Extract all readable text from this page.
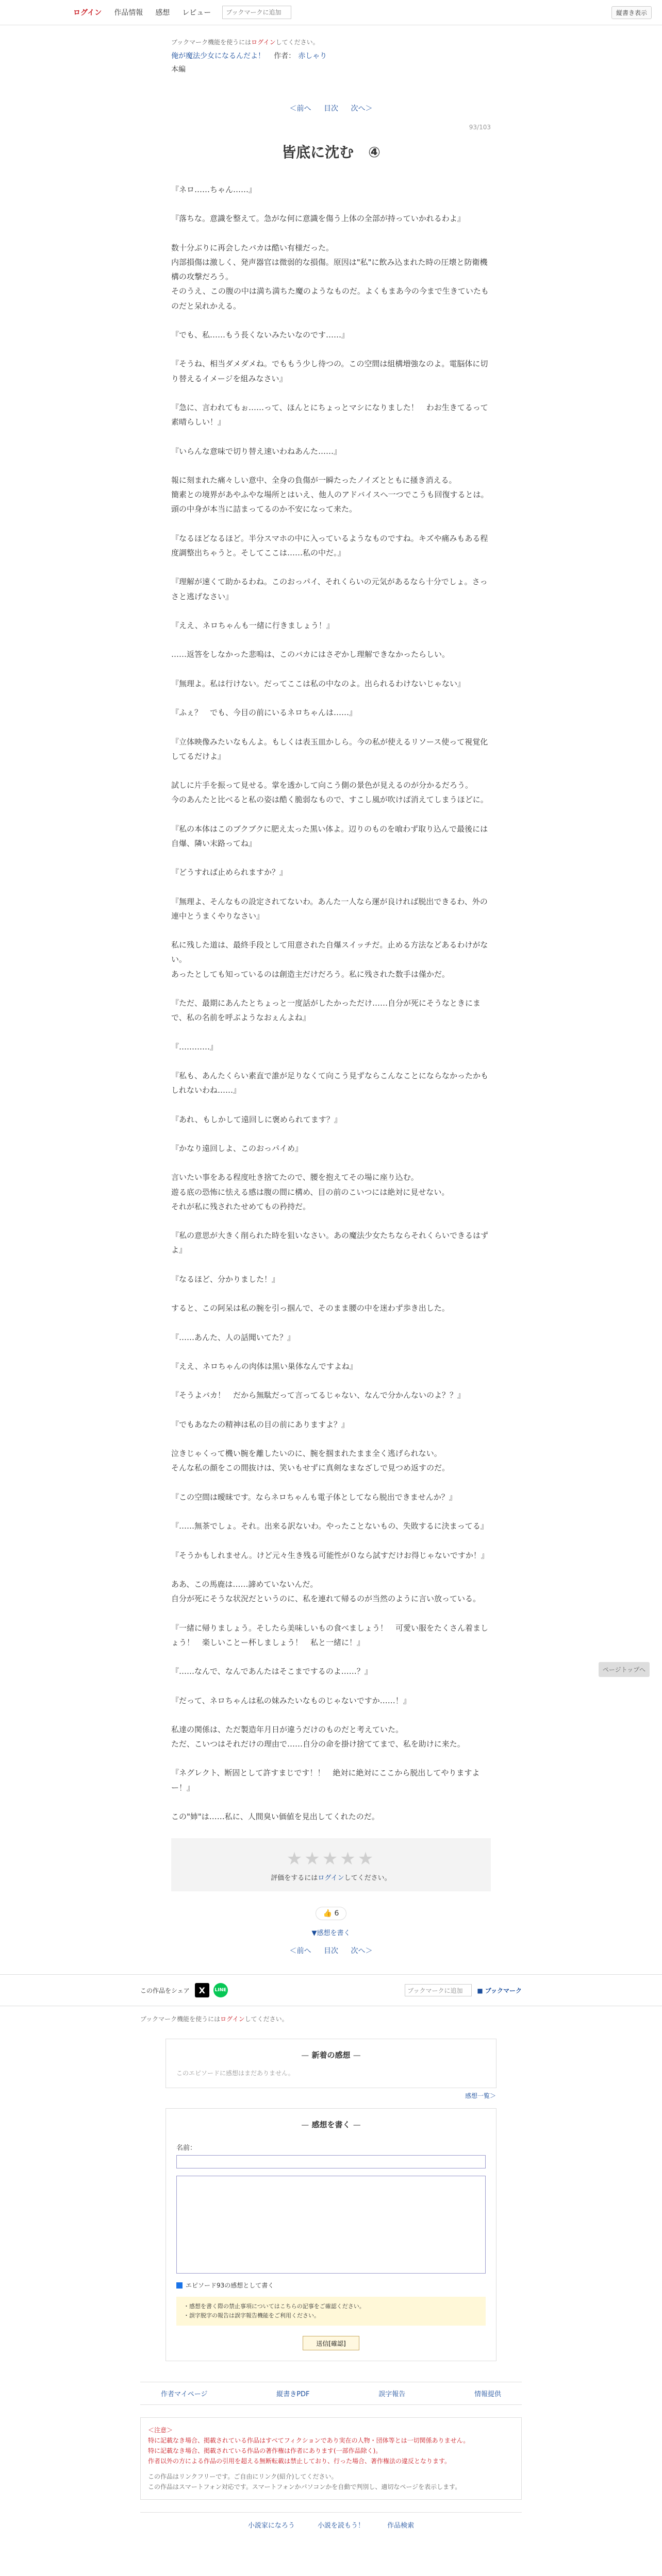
ログイン	作品情報	感想	レビュー
ブックマークに追加	縦書き表示
ブックマーク機能を使うにはログインしてください。
俺が魔法少女になるんだよ！ 作者： 赤しゃり
本編
＜前へ 目次 次へ＞
93/103
皆底に沈む　④

『ネロ……ちゃん……』

『落ちな。意識を整えて。急がな何に意識を傷う上体の全部が持っていかれるわよ』

数十分ぶりに再会したバカは酷い有様だった。
内部損傷は激しく、発声器官は微弱的な損傷。原因は"私"に飲み込まれた時の圧壊と防衛機構の攻撃だろう。
そのうえ、この腹の中は満ち満ちた魔のようなものだ。よくもまあ今の今まで生きていたものだと呆れかえる。

『でも、私……もう長くないみたいなのです……』

『そうね、相当ダメダメね。でももう少し待つの。この空間は組構増強なのよ。電脳体に切り替えるイメージを組みなさい』

『急に、言われてもぉ……って、ほんとにちょっとマシになりました！　わお生きてるって素晴らしい！』

『いらんな意味で切り替え速いわねあんた……』

報に刻まれた痛々しい意中、全身の負傷が一瞬たったノイズとともに掻き消える。
簡素との境界があやふやな場所とはいえ、他人のアドバイスへ一つでこうも回復するとは。
頭の中身が本当に詰まってるのか不安になって来た。

『なるほどなるほど。半分スマホの中に入っているようなものですね。キズや痛みもある程度調整出ちゃうと。そしてここは……私の中だ。』

『理解が速くて助かるわね。このおっパイ、それくらいの元気があるなら十分でしょ。さっさと逃げなさい』

『ええ、ネロちゃんも一緒に行きましょう！』

……返答をしなかった悲嗚は、このバカにはさぞかし理解できなかったらしい。

『無理よ。私は行けない。だってここは私の中なのよ。出られるわけないじゃない』

『ふぇ？　でも、今目の前にいるネロちゃんは……』

『立体映像みたいなもんよ。もしくは表玉皿かしら。今の私が使えるリソース使って視覚化してるだけよ』

試しに片手を振って見せる。掌を透かして向こう側の景色が見えるのが分かるだろう。
今のあんたと比べると私の姿は酷く脆弱なもので、すこし風が吹けば消えてしまうほどに。

『私の本体はこのブクブクに肥え太った黒い体よ。辺りのものを喰わず取り込んで最後には自爆、隣い末路ってね』

『どうすれば止められますか？』

『無理よ、そんなもの設定されてないわ。あんた一人なら運が良ければ脱出できるわ、外の連中とうまくやりなさい』

私に残した道は、最終手段として用意された自爆スイッチだ。止める方法などあるわけがない。
あったとしても知っているのは創造主だけだろう。私に残された数手は僅かだ。

『ただ、最期にあんたとちょっと一度話がしたかっただけ……自分が死にそうなときにまで、私の名前を呼ぶようなおぇんよね』

『…………』

『私も、あんたくらい素直で誰が足りなくて向こう見ずならこんなことにならなかったかもしれないわね……』

『あれ、もしかして遠回しに褒められてます？』

『かなり遠回しよ、このおっパイめ』

言いたい事をある程度吐き捨てたので、腰を抱えてその場に座り込む。
遊る底の恐怖に怯える感は腹の間に構め、目の前のこいつには絶対に見せない。
それが私に残されたせめてもの矜持だ。

『私の意思が大きく削られた時を狙いなさい。あの魔法少女たちならそれくらいできるはずよ』

『なるほど、分かりました！』

すると、この阿呆は私の腕を引っ掴んで、そのまま腰の中を迷わず歩き出した。

『……あんた、人の話聞いてた？』

『ええ、ネロちゃんの肉体は黒い巣体なんですよね』

『そうよバカ！　だから無駄だって言ってるじゃない、なんで分かんないのよ？？』

『でもあなたの精神は私の目の前にありますよ？』

泣きじゃくって機い腕を離したいのに、腕を掴まれたまま全く逃げられない。
そんな私の顔をこの間抜けは、笑いもせずに真剣なまなざしで見つめ返すのだ。

『この空間は曖昧です。ならネロちゃんも電子体としてなら脱出できませんか？』

『……無茶でしょ。それ。出来る訳ないわ。やったことないもの、失敗するに決まってる』

『そうかもしれません。けど元々生き残る可能性が０なら試すだけお得じゃないですか！』

ああ、この馬鹿は……諦めていないんだ。
自分が死にそうな状況だというのに、私を連れて帰るのが当然のように言い放っている。

『一緒に帰りましょう。そしたら美味しいもの食べましょう！　可愛い服をたくさん着ましょう！　楽しいことー杯しましょう！　私と一緒に！』

『……なんで、なんであんたはそこまでするのよ……？』

『だって、ネロちゃんは私の妹みたいなものじゃないですか……！』

私達の関係は、ただ製造年月日が違うだけのものだと考えていた。
ただ、こいつはそれだけの理由で……自分の命を掛け捨ててまで、私を助けに来た。

『ネグレクト、断固として許すまじです！！　絶対に絶対にここから脱出してやりますよー！』

この"姉"は……私に、人間臭い価値を見出してくれたのだ。

★★★★★
評価をするにはログインしてください。
👍 6
▼感想を書く
＜前へ 目次 次へ＞
この作品をシェア	X	LINE	ブックマークに追加
■	ブックマーク
ブックマーク機能を使うにはログインしてください。
— 新着の感想 —
このエピソードに感想はまだありません。
感想一覧＞
— 感想を書く —
名前：
エピソード93の感想として書く
・感想を書く際の禁止事項についてはこちらの記事をご確認ください。
・誤字脱字の報告は誤字報告機能をご利用ください。
送信[確認]
作者マイページ	縦書きPDF	誤字報告	情報提供
＜注意＞
特に記載なき場合、掲載されている作品はすべてフィクションであり実在の人物・団体等とは一切関係ありません。
特に記載なき場合、掲載されている作品の著作権は作者にあります(一部作品除く)。
作者以外の方による作品の引用を超える無断転載は禁止しており、行った場合、著作権法の違反となります。
この作品はリンクフリーです。ご自由にリンク(紹介)してください。
この作品はスマートフォン対応です。スマートフォンかパソコンかを自動で判別し、適切なページを表示します。
小説家になろう	小説を読もう！	作品検索
ページトップへ
